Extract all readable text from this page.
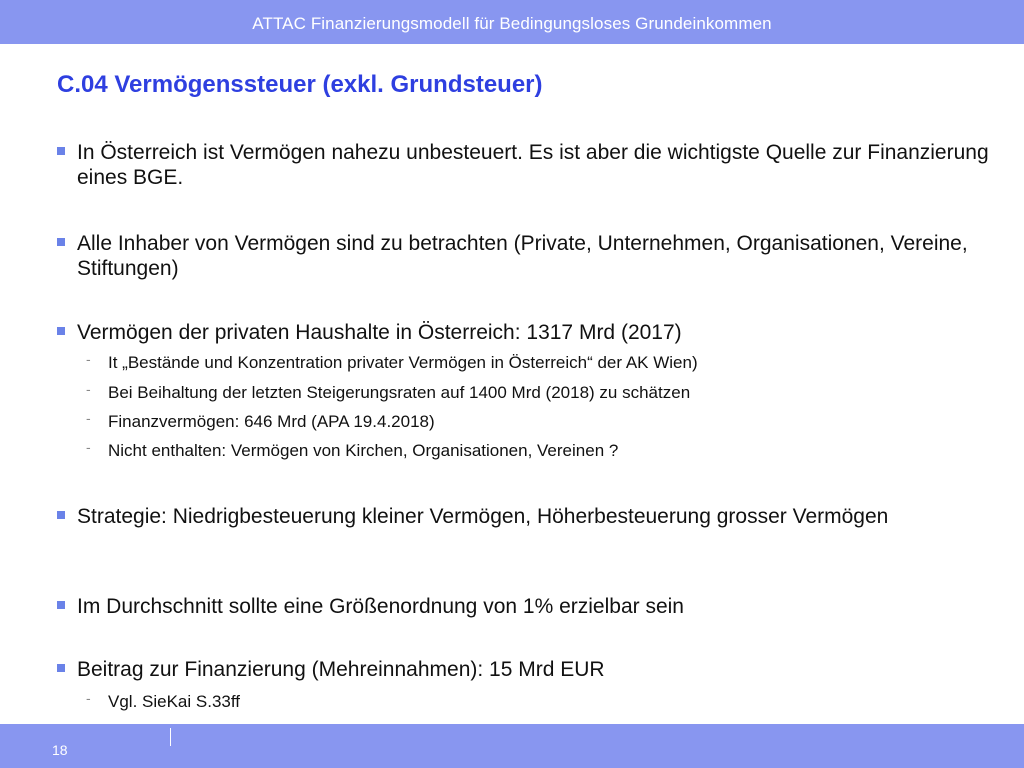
ATTAC Finanzierungsmodell für Bedingungsloses Grundeinkommen
C.04 Vermögenssteuer (exkl. Grundsteuer)
In Österreich ist Vermögen nahezu unbesteuert. Es ist aber die wichtigste Quelle zur Finanzierung eines BGE.
Alle Inhaber von Vermögen sind zu betrachten (Private, Unternehmen, Organisationen, Vereine, Stiftungen)
Vermögen der privaten Haushalte in Österreich: 1317 Mrd (2017)
- It „Bestände und Konzentration privater Vermögen in Österreich“ der AK Wien)
- Bei Beihaltung der letzten Steigerungsraten auf 1400 Mrd (2018) zu schätzen
- Finanzvermögen: 646 Mrd (APA 19.4.2018)
- Nicht enthalten: Vermögen von Kirchen, Organisationen, Vereinen ?
Strategie: Niedrigbesteuerung kleiner Vermögen, Höherbesteuerung grosser Vermögen
Im Durchschnitt sollte eine Größenordnung von 1% erzielbar sein
Beitrag zur Finanzierung (Mehreinnahmen): 15 Mrd EUR
- Vgl. SieKai S.33ff
18
